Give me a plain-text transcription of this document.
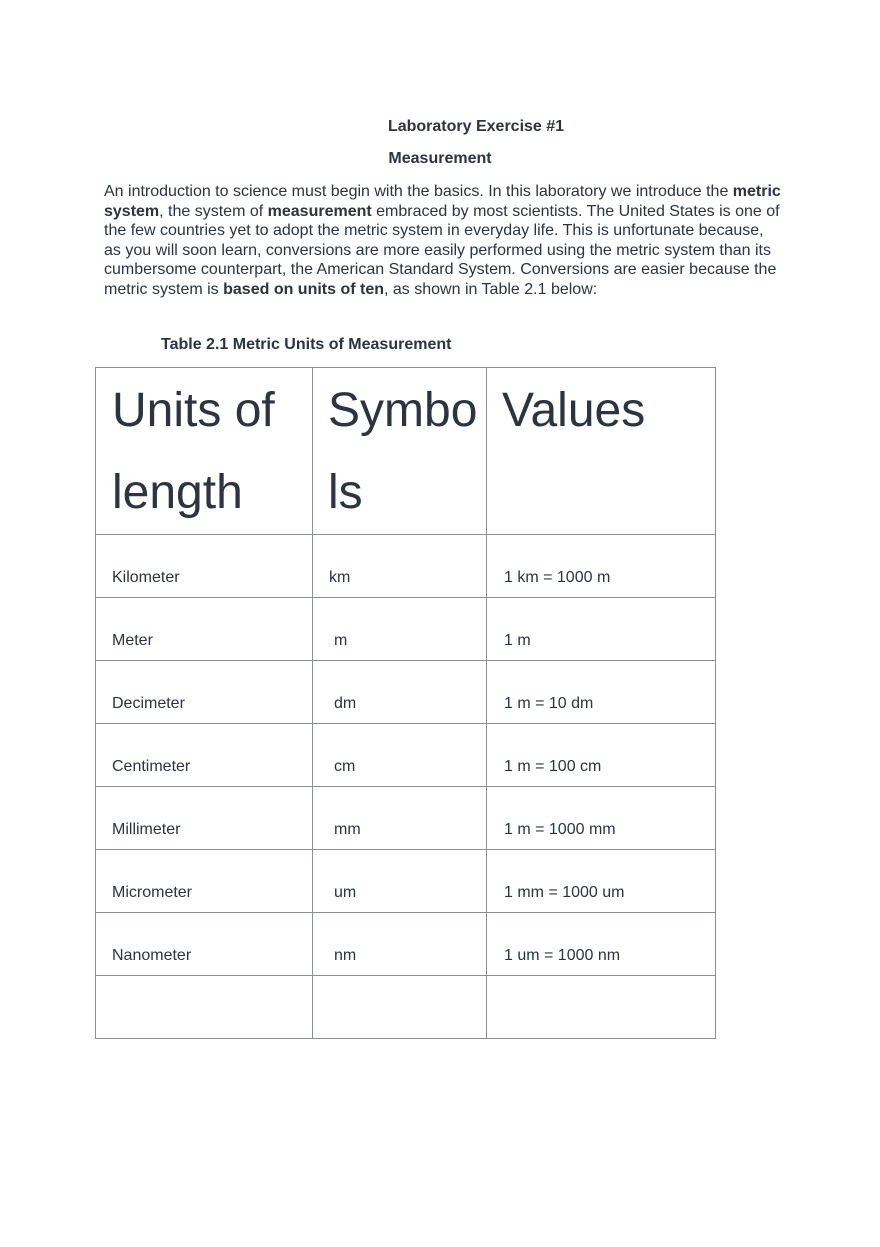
Laboratory Exercise #1
Measurement

An introduction to science must begin with the basics. In this laboratory we introduce the metric system, the system of measurement embraced by most scientists. The United States is one of the few countries yet to adopt the metric system in everyday life. This is unfortunate because, as you will soon learn, conversions are more easily performed using the metric system than its cumbersome counterpart, the American Standard System. Conversions are easier because the metric system is based on units of ten, as shown in Table 2.1 below:

Table 2.1 Metric Units of Measurement
Units of length	Symbols	Values
Kilometer	km	1 km = 1000 m
Meter	m	1 m
Decimeter	dm	1 m = 10 dm
Centimeter	cm	1 m = 100 cm
Millimeter	mm	1 m = 1000 mm
Micrometer	um	1 mm = 1000 um
Nanometer	nm	1 um = 1000 nm
